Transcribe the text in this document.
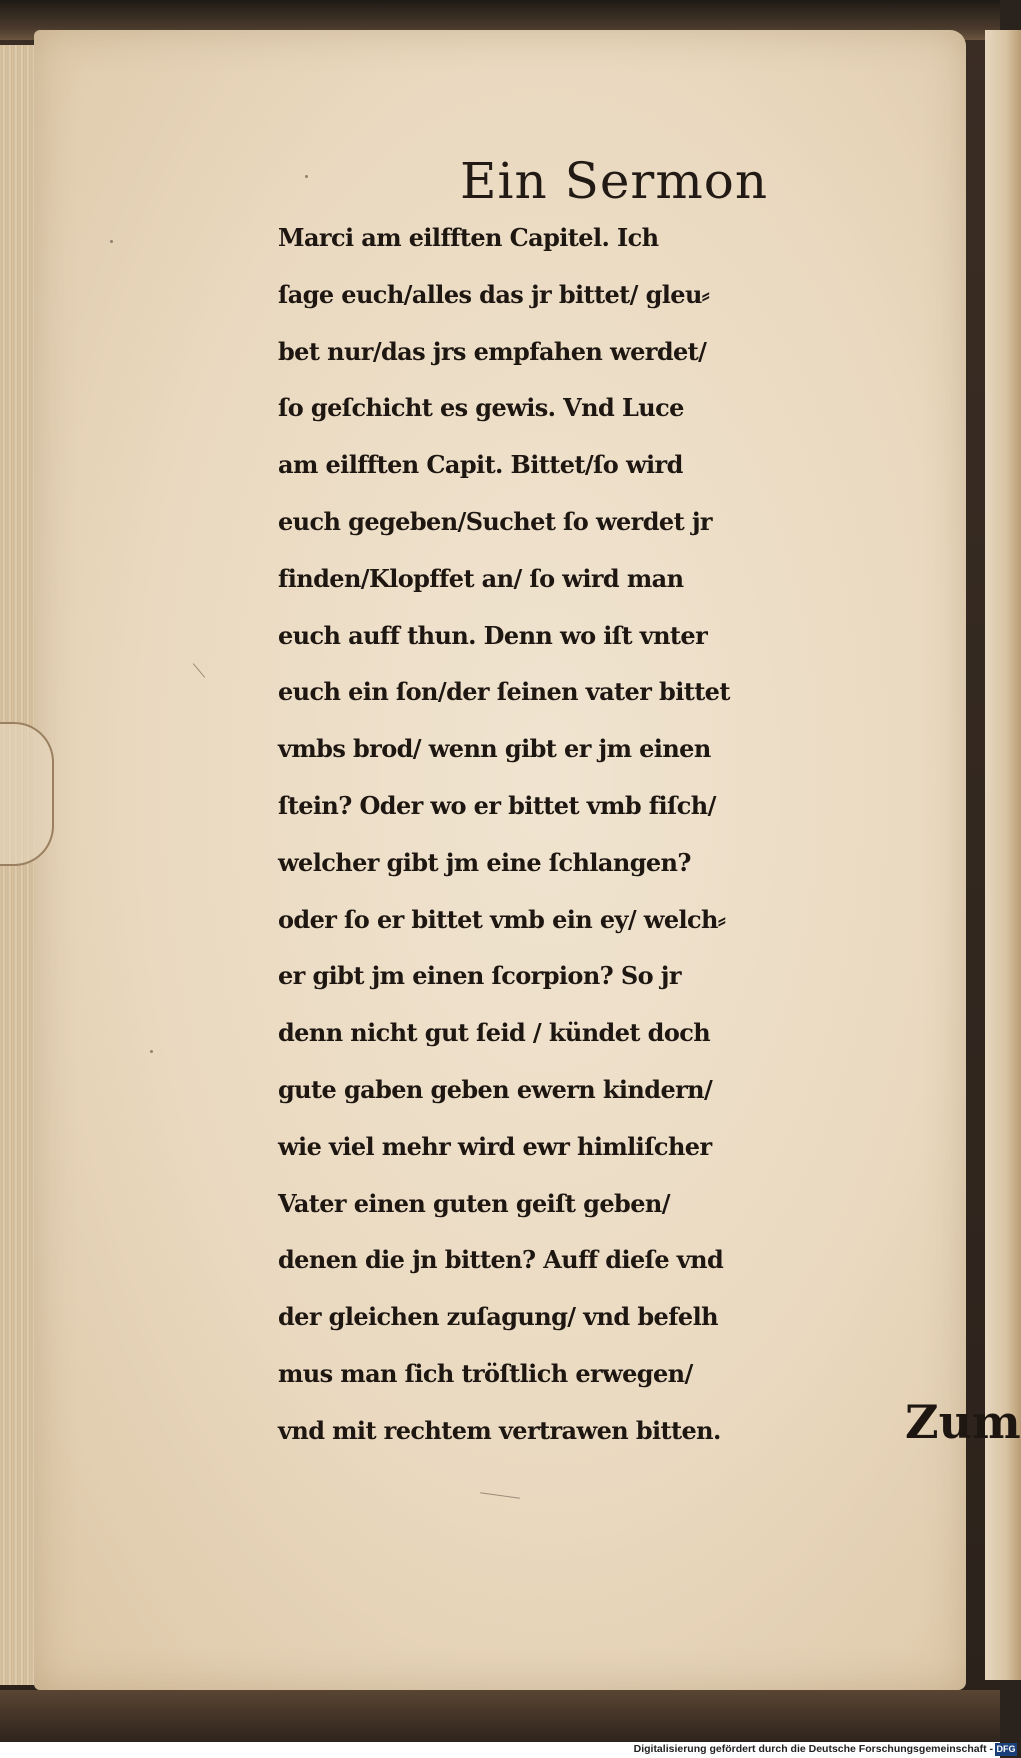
Ein Sermon
Marci am eilfften Capitel. Ich
ſage euch/alles das jr bittet/ gleu⸗
bet nur/das jrs empfahen werdet/
ſo geſchicht es gewis. Vnd Luce
am eilfften Capit. Bittet/ſo wird
euch gegeben/Suchet ſo werdet jr
finden/Klopffet an/ ſo wird man
euch auff thun. Denn wo iſt vnter
euch ein ſon/der ſeinen vater bittet
vmbs brod/ wenn gibt er jm einen
ſtein? Oder wo er bittet vmb fiſch/
welcher gibt jm eine ſchlangen?
oder ſo er bittet vmb ein ey/ welch⸗
er gibt jm einen ſcorpion? So jr
denn nicht gut ſeid / kündet doch
gute gaben geben ewern kindern/
wie viel mehr wird ewr himliſcher
Vater einen guten geiſt geben/
denen die jn bitten? Auff dieſe vnd
der gleichen zuſagung/ vnd befelh
mus man ſich tröſtlich erwegen/
vnd mit rechtem vertrawen bitten.	Zum
Digitalisierung gefördert durch die Deutsche Forschungsgemeinschaft - DFG
